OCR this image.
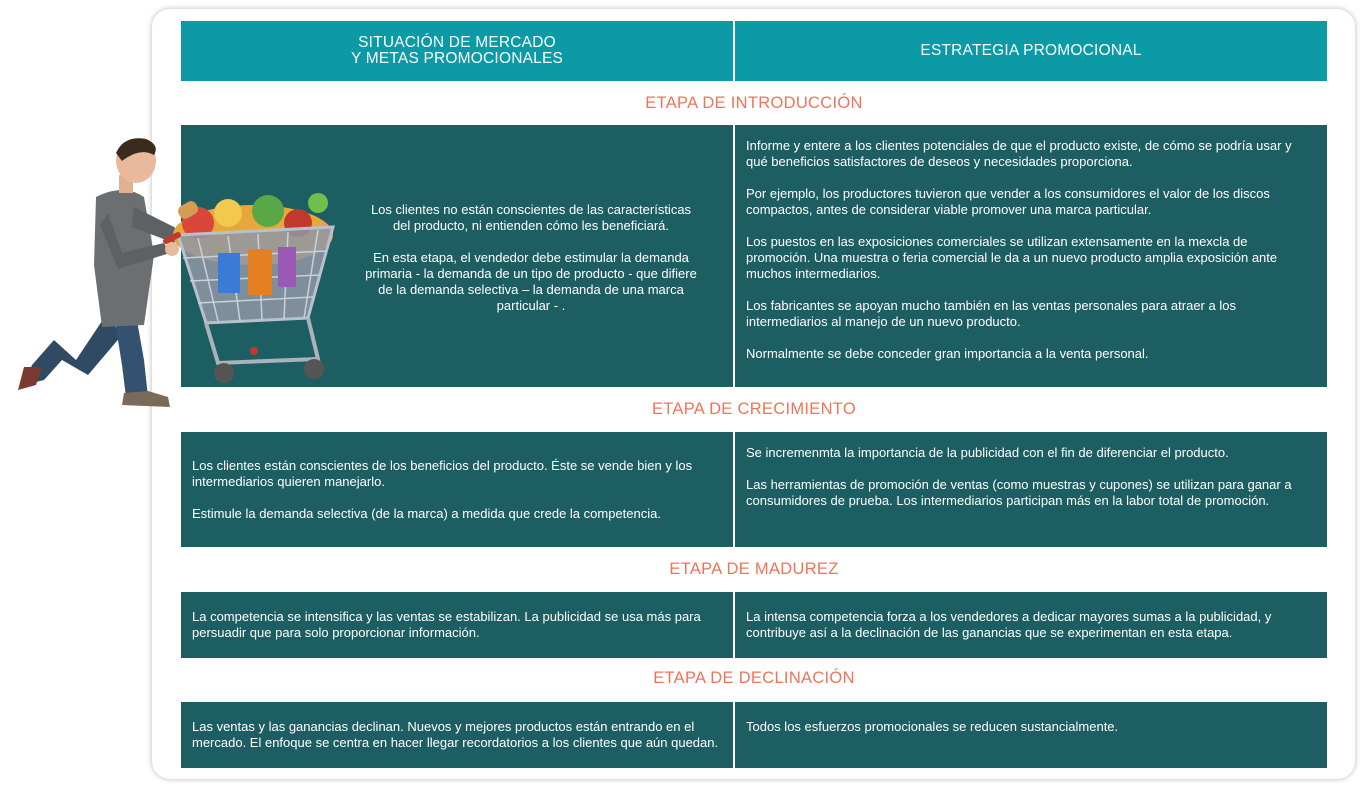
SITUACIÓN DE MERCADO
Y METAS PROMOCIONALES	ESTRATEGIA PROMOCIONAL
ETAPA DE INTRODUCCIÓN
Los clientes no están conscientes de las características
del producto, ni entienden cómo les beneficiará.
En esta etapa, el vendedor debe estimular la demanda
primaria - la demanda de un tipo de producto - que difiere
de la demanda selectiva – la demanda de una marca
particular - .

Informe y entere a los clientes potenciales de que el producto existe, de cómo se podría usar y qué beneficios satisfactores de deseos y necesidades proporciona.

Por ejemplo, los productores tuvieron que vender a los consumidores el valor de los discos compactos, antes de considerar viable promover una marca particular.

Los puestos en las exposiciones comerciales se utilizan extensamente en la mexcla de promoción. Una muestra o feria comercial le da a un nuevo producto amplia exposición ante muchos intermediarios.

Los fabricantes se apoyan mucho también en las ventas personales para atraer a los intermediarios al manejo de un nuevo producto.

Normalmente se debe conceder gran importancia a la venta personal.

ETAPA DE CRECIMIENTO

Los clientes están conscientes de los beneficios del producto. Éste se vende bien y los intermediarios quieren manejarlo.

Estimule la demanda selectiva (de la marca) a medida que crede la competencia.

Se incremenmta la importancia de la publicidad con el fin de diferenciar el producto.

Las herramientas de promoción de ventas (como muestras y cupones) se utilizan para ganar a consumidores de prueba. Los intermediarios participan más en la labor total de promoción.

ETAPA DE MADUREZ

La competencia se intensifica y las ventas se estabilizan. La publicidad se usa más para persuadir que para solo proporcionar información.

La intensa competencia forza a los vendedores a dedicar mayores sumas a la publicidad, y contribuye así a la declinación de las ganancias que se experimentan en esta etapa.

ETAPA DE DECLINACIÓN

Las ventas y las ganancias declinan. Nuevos y mejores productos están entrando en el mercado. El enfoque se centra en hacer llegar recordatorios a los clientes que aún quedan.

Todos los esfuerzos promocionales se reducen sustancialmente.
